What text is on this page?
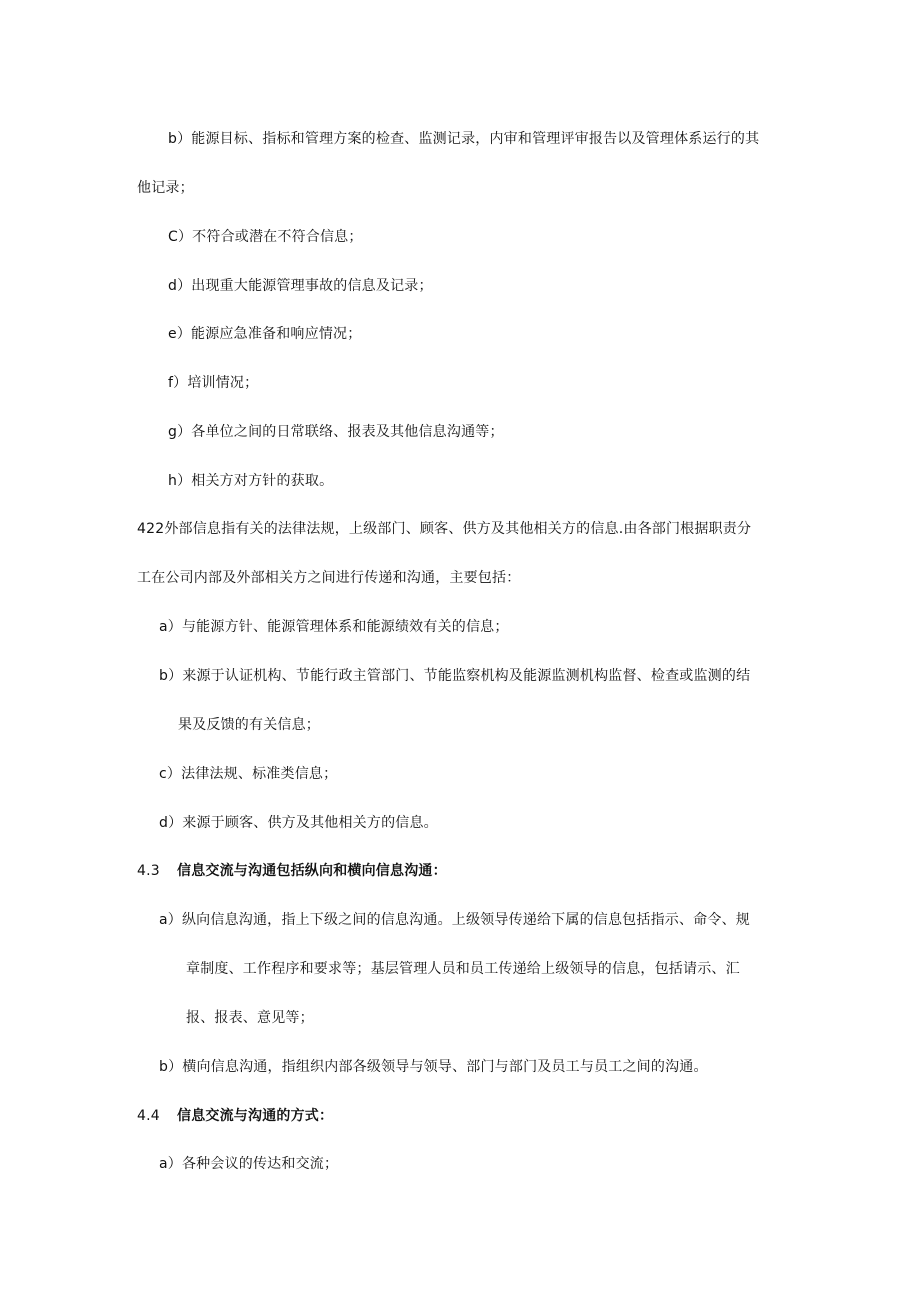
b）能源目标、指标和管理方案的检查、监测记录，内审和管理评审报告以及管理体系运行的其
他记录；
C）不符合或潜在不符合信息；
d）出现重大能源管理事故的信息及记录；
e）能源应急准备和响应情况；
f）培训情况；
g）各单位之间的日常联络、报表及其他信息沟通等；
h）相关方对方针的获取。
422外部信息指有关的法律法规，上级部门、顾客、供方及其他相关方的信息.由各部门根据职责分
工在公司内部及外部相关方之间进行传递和沟通，主要包括：
a）与能源方针、能源管理体系和能源绩效有关的信息；
b）来源于认证机构、节能行政主管部门、节能监察机构及能源监测机构监督、检查或监测的结
果及反馈的有关信息；
c）法律法规、标准类信息；
d）来源于顾客、供方及其他相关方的信息。
4.3 信息交流与沟通包括纵向和横向信息沟通：
a）纵向信息沟通，指上下级之间的信息沟通。上级领导传递给下属的信息包括指示、命令、规
章制度、工作程序和要求等；基层管理人员和员工传递给上级领导的信息，包括请示、汇
报、报表、意见等；
b）横向信息沟通，指组织内部各级领导与领导、部门与部门及员工与员工之间的沟通。
4.4 信息交流与沟通的方式：
a）各种会议的传达和交流；
